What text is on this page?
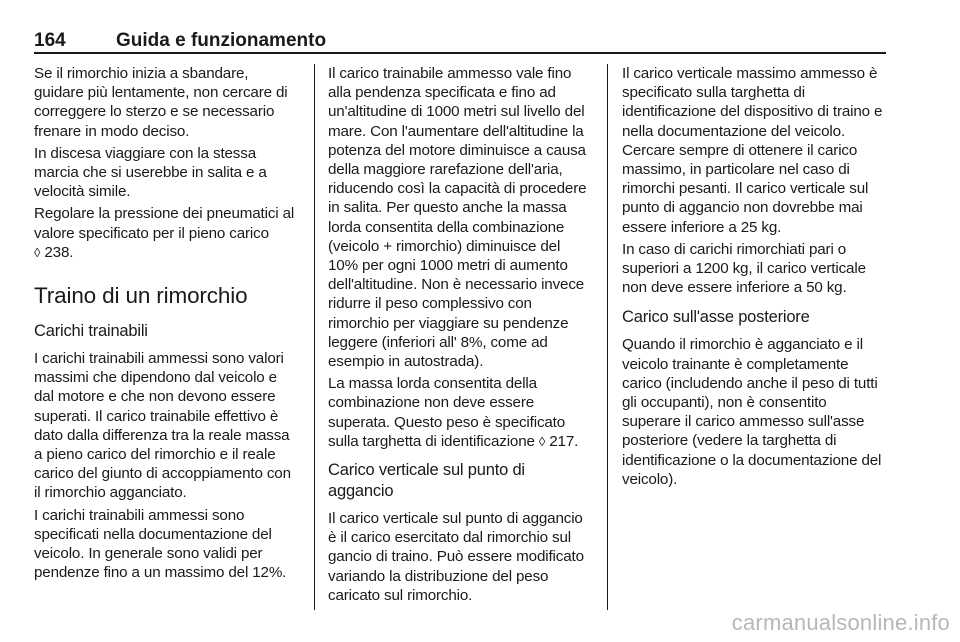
164	Guida e funzionamento

Se il rimorchio inizia a sbandare, guidare più lentamente, non cercare di correggere lo sterzo e se necessario frenare in modo deciso.

In discesa viaggiare con la stessa marcia che si userebbe in salita e a velocità simile.

Regolare la pressione dei pneumatici al valore specificato per il pieno carico ◊ 238.

Traino di un rimorchio
Carichi trainabili

I carichi trainabili ammessi sono valori massimi che dipendono dal veicolo e dal motore e che non devono essere superati. Il carico trainabile effettivo è dato dalla differenza tra la reale massa a pieno carico del rimorchio e il reale carico del giunto di accoppiamento con il rimorchio agganciato.

I carichi trainabili ammessi sono specificati nella documentazione del veicolo. In generale sono validi per pendenze fino a un massimo del 12%.

Il carico trainabile ammesso vale fino alla pendenza specificata e fino ad un'altitudine di 1000 metri sul livello del mare. Con l'aumentare dell'altitudine la potenza del motore diminuisce a causa della maggiore rarefazione dell'aria, riducendo così la capacità di procedere in salita. Per questo anche la massa lorda consentita della combinazione (veicolo + rimorchio) diminuisce del 10% per ogni 1000 metri di aumento dell'altitudine. Non è necessario invece ridurre il peso complessivo con rimorchio per viaggiare su pendenze leggere (inferiori all' 8%, come ad esempio in autostrada).

La massa lorda consentita della combinazione non deve essere superata. Questo peso è specificato sulla targhetta di identificazione ◊ 217.

Carico verticale sul punto di aggancio

Il carico verticale sul punto di aggancio è il carico esercitato dal rimorchio sul gancio di traino. Può essere modificato variando la distribuzione del peso caricato sul rimorchio.

Il carico verticale massimo ammesso è specificato sulla targhetta di identificazione del dispositivo di traino e nella documentazione del veicolo. Cercare sempre di ottenere il carico massimo, in particolare nel caso di rimorchi pesanti. Il carico verticale sul punto di aggancio non dovrebbe mai essere inferiore a 25 kg.

In caso di carichi rimorchiati pari o superiori a 1200 kg, il carico verticale non deve essere inferiore a 50 kg.

Carico sull'asse posteriore

Quando il rimorchio è agganciato e il veicolo trainante è completamente carico (includendo anche il peso di tutti gli occupanti), non è consentito superare il carico ammesso sull'asse posteriore (vedere la targhetta di identificazione o la documentazione del veicolo).

carmanualsonline.info
